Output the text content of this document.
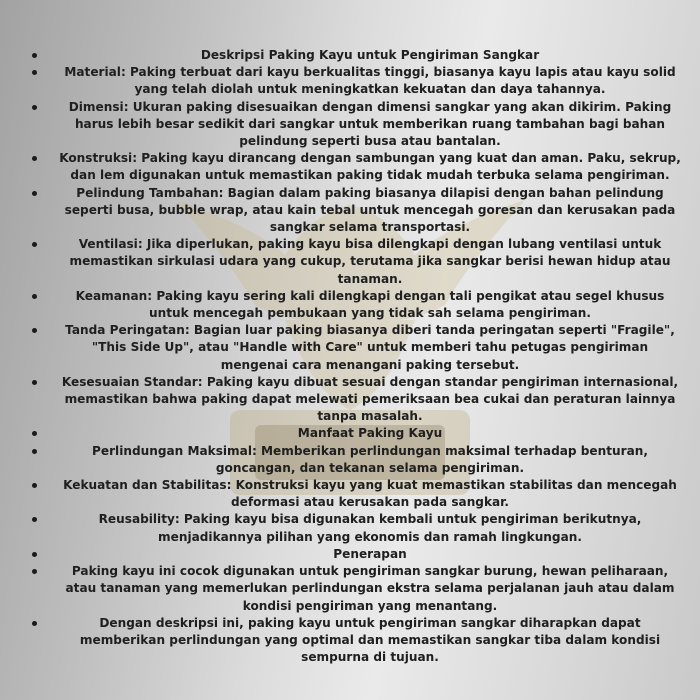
Deskripsi Paking Kayu untuk Pengiriman Sangkar
Material: Paking terbuat dari kayu berkualitas tinggi, biasanya kayu lapis atau kayu solid yang telah diolah untuk meningkatkan kekuatan dan daya tahannya.
Dimensi: Ukuran paking disesuaikan dengan dimensi sangkar yang akan dikirim. Paking harus lebih besar sedikit dari sangkar untuk memberikan ruang tambahan bagi bahan pelindung seperti busa atau bantalan.
Konstruksi: Paking kayu dirancang dengan sambungan yang kuat dan aman. Paku, sekrup, dan lem digunakan untuk memastikan paking tidak mudah terbuka selama pengiriman.
Pelindung Tambahan: Bagian dalam paking biasanya dilapisi dengan bahan pelindung seperti busa, bubble wrap, atau kain tebal untuk mencegah goresan dan kerusakan pada sangkar selama transportasi.
Ventilasi: Jika diperlukan, paking kayu bisa dilengkapi dengan lubang ventilasi untuk memastikan sirkulasi udara yang cukup, terutama jika sangkar berisi hewan hidup atau tanaman.
Keamanan: Paking kayu sering kali dilengkapi dengan tali pengikat atau segel khusus untuk mencegah pembukaan yang tidak sah selama pengiriman.
Tanda Peringatan: Bagian luar paking biasanya diberi tanda peringatan seperti "Fragile", "This Side Up", atau "Handle with Care" untuk memberi tahu petugas pengiriman mengenai cara menangani paking tersebut.
Kesesuaian Standar: Paking kayu dibuat sesuai dengan standar pengiriman internasional, memastikan bahwa paking dapat melewati pemeriksaan bea cukai dan peraturan lainnya tanpa masalah.
Manfaat Paking Kayu
Perlindungan Maksimal: Memberikan perlindungan maksimal terhadap benturan, goncangan, dan tekanan selama pengiriman.
Kekuatan dan Stabilitas: Konstruksi kayu yang kuat memastikan stabilitas dan mencegah deformasi atau kerusakan pada sangkar.
Reusability: Paking kayu bisa digunakan kembali untuk pengiriman berikutnya, menjadikannya pilihan yang ekonomis dan ramah lingkungan.
Penerapan
Paking kayu ini cocok digunakan untuk pengiriman sangkar burung, hewan peliharaan, atau tanaman yang memerlukan perlindungan ekstra selama perjalanan jauh atau dalam kondisi pengiriman yang menantang.
Dengan deskripsi ini, paking kayu untuk pengiriman sangkar diharapkan dapat memberikan perlindungan yang optimal dan memastikan sangkar tiba dalam kondisi sempurna di tujuan.
